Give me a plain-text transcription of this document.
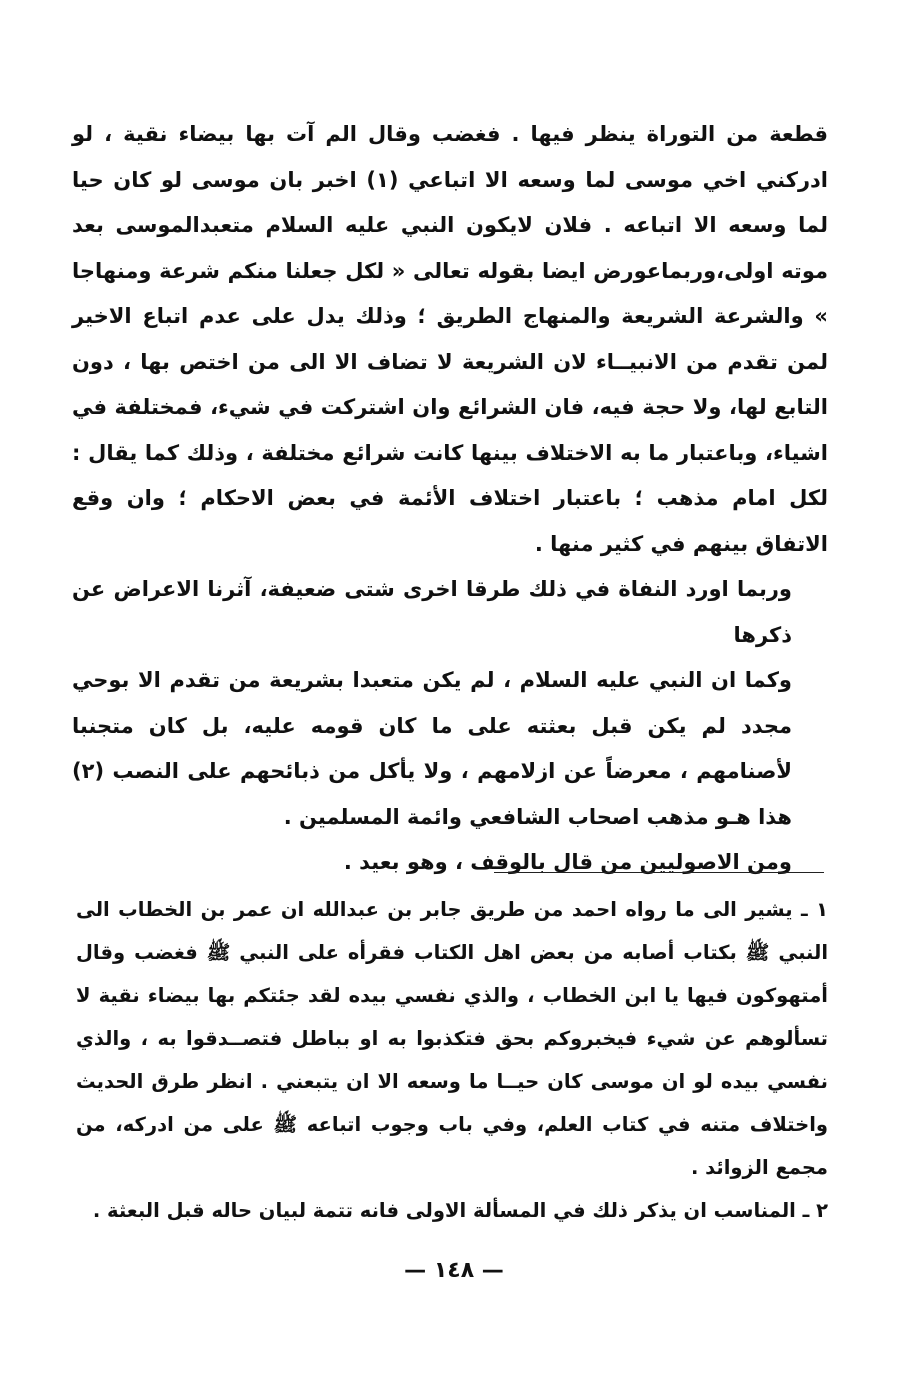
قطعة من التوراة ينظر فيها . فغضب وقال الم آت بها بيضاء نقية ، لو ادركني اخي موسى لما وسعه الا اتباعي (١) اخبر بان موسى لو كان حيا لما وسعه الا اتباعه . فلان لايكون النبي عليه السلام متعبدالموسى بعد موته اولى،وربماعورض ايضا بقوله تعالى « لكل جعلنا منكم شرعة ومنهاجا » والشرعة الشريعة والمنهاج الطريق ؛ وذلك يدل على عدم اتباع الاخير لمن تقدم من الانبيــاء لان الشريعة لا تضاف الا الى من اختص بها ، دون التابع لها، ولا حجة فيه، فان الشرائع وان اشتركت في شيء، فمختلفة في اشياء، وباعتبار ما به الاختلاف بينها كانت شرائع مختلفة ، وذلك كما يقال : لكل امام مذهب ؛ باعتبار اختلاف الأئمة في بعض الاحكام ؛ وان وقع الاتفاق بينهم في كثير منها .

وربما اورد النفاة في ذلك طرقا اخرى شتى ضعيفة، آثرنا الاعراض عن ذكرها

وكما ان النبي عليه السلام ، لم يكن متعبدا بشريعة من تقدم الا بوحي مجدد لم يكن قبل بعثته على ما كان قومه عليه، بل كان متجنبا لأصنامهم ، معرضاً عن ازلامهم ، ولا يأكل من ذبائحهم على النصب (٢) هذا هـو مذهب اصحاب الشافعي وائمة المسلمين .

ومن الاصوليين من قال بالوقف ، وهو بعيد .

١ ـ يشير الى ما رواه احمد من طريق جابر بن عبدالله ان عمر بن الخطاب الى النبي ﷺ بكتاب أصابه من بعض اهل الكتاب فقرأه على النبي ﷺ فغضب وقال أمتهوكون فيها يا ابن الخطاب ، والذي نفسي بيده لقد جئتكم بها بيضاء نقية لا تسألوهم عن شيء فيخبروكم بحق فتكذبوا به او بباطل فتصــدقوا به ، والذي نفسي بيده لو ان موسى كان حيــا ما وسعه الا ان يتبعني . انظر طرق الحديث واختلاف متنه في كتاب العلم، وفي باب وجوب اتباعه ﷺ على من ادركه، من مجمع الزوائد .

٢ ـ المناسب ان يذكر ذلك في المسألة الاولى فانه تتمة لبيان حاله قبل البعثة .

— ١٤٨ —
